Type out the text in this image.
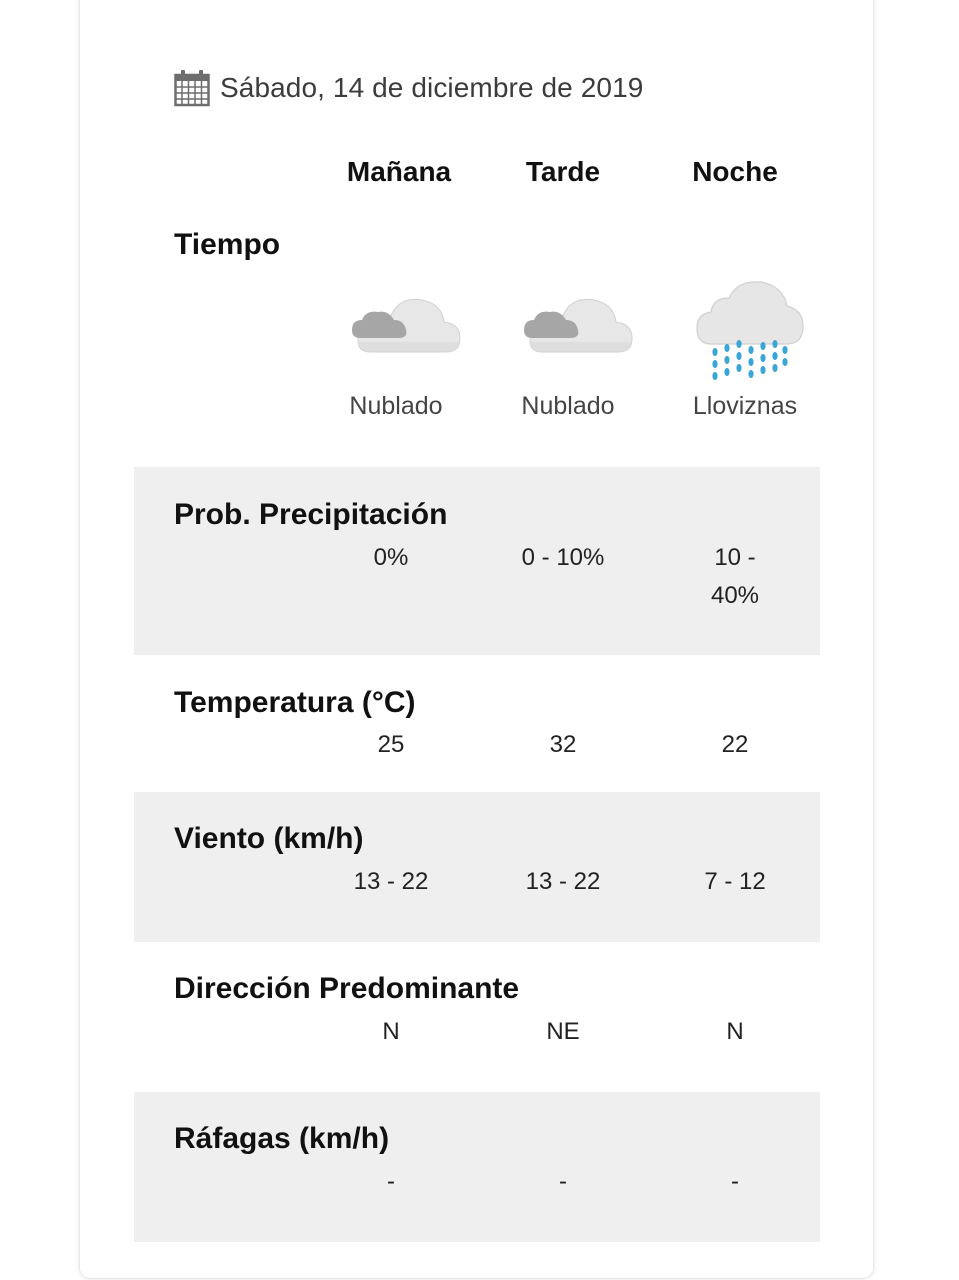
Sábado, 14 de diciembre de 2019
Mañana	Tarde	Noche
Tiempo
Nublado	Nublado	Lloviznas
Prob. Precipitación
0%	0 - 10%	10 -
40%
Temperatura (°C)
25	32	22
Viento (km/h)
13 - 22	13 - 22	7 - 12
Dirección Predominante
N	NE	N
Ráfagas (km/h)
-	-	-
